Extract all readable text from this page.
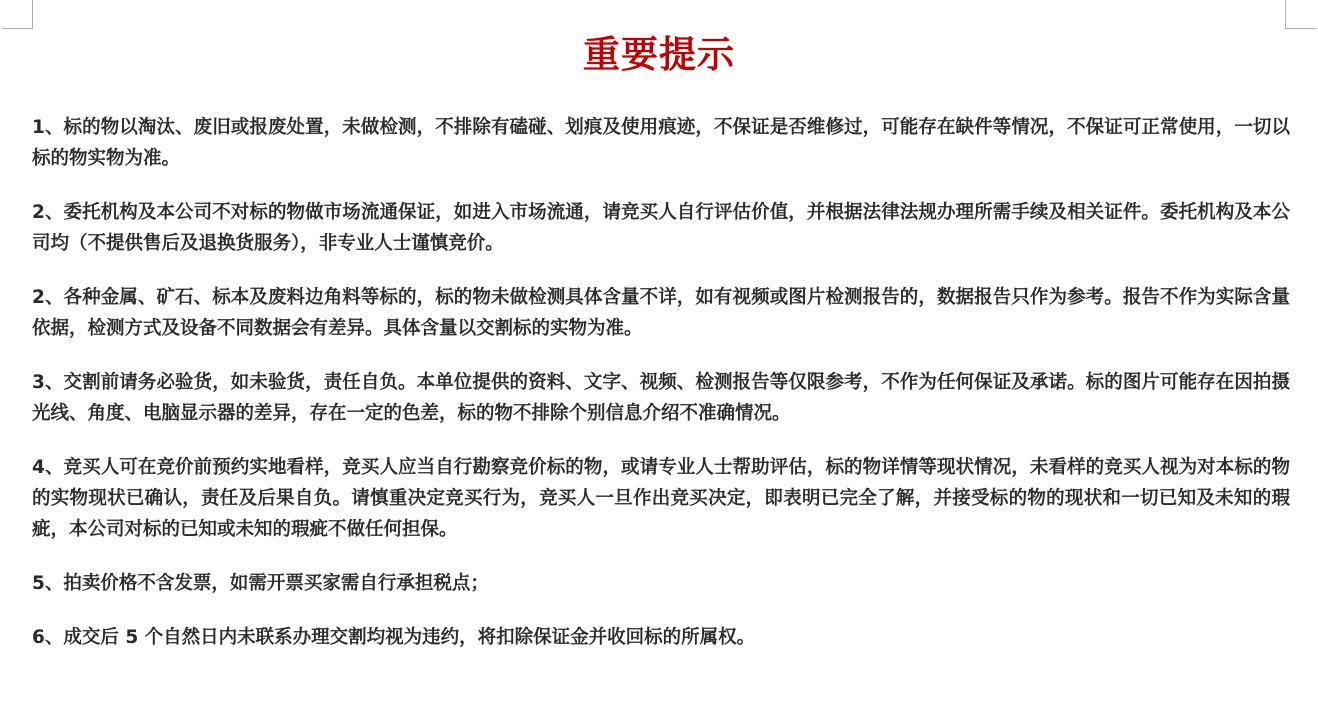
重要提示

1、标的物以淘汰、废旧或报废处置，未做检测，不排除有磕碰、划痕及使用痕迹，不保证是否维修过，可能存在缺件等情况，不保证可正常使用，一切以标的物实物为准。

2、委托机构及本公司不对标的物做市场流通保证，如进入市场流通，请竞买人自行评估价值，并根据法律法规办理所需手续及相关证件。委托机构及本公司均（不提供售后及退换货服务），非专业人士谨慎竞价。

2、各种金属、矿石、标本及废料边角料等标的，标的物未做检测具体含量不详，如有视频或图片检测报告的，数据报告只作为参考。报告不作为实际含量依据，检测方式及设备不同数据会有差异。具体含量以交割标的实物为准。

3、交割前请务必验货，如未验货，责任自负。本单位提供的资料、文字、视频、检测报告等仅限参考，不作为任何保证及承诺。标的图片可能存在因拍摄光线、角度、电脑显示器的差异，存在一定的色差，标的物不排除个别信息介绍不准确情况。

4、竞买人可在竞价前预约实地看样，竞买人应当自行勘察竞价标的物，或请专业人士帮助评估，标的物详情等现状情况，未看样的竞买人视为对本标的物的实物现状已确认，责任及后果自负。请慎重决定竞买行为，竞买人一旦作出竞买决定，即表明已完全了解，并接受标的物的现状和一切已知及未知的瑕疵，本公司对标的已知或未知的瑕疵不做任何担保。

5、拍卖价格不含发票，如需开票买家需自行承担税点；

6、成交后 5 个自然日内未联系办理交割均视为违约，将扣除保证金并收回标的所属权。
